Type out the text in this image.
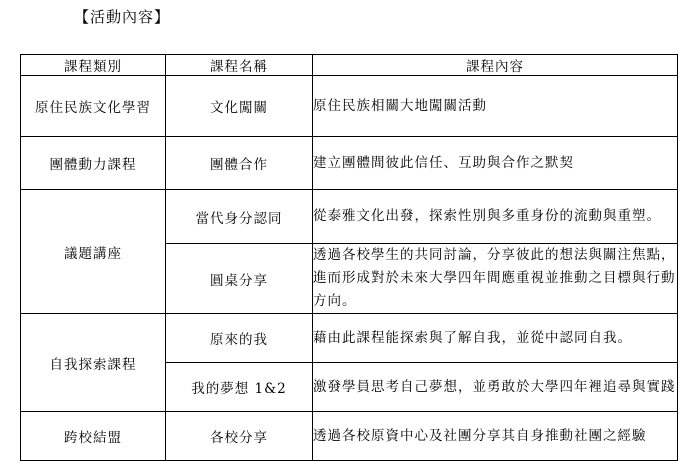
【活動內容】
課程類別	課程名稱	課程內容
原住民族文化學習	文化闖關	原住民族相關大地闖關活動
團體動力課程	團體合作	建立團體間彼此信任、互助與合作之默契
議題講座	當代身分認同	從泰雅文化出發，探索性別與多重身份的流動與重塑。
	圓桌分享	透過各校學生的共同討論，分享彼此的想法與關注焦點，進而形成對於未來大學四年間應重視並推動之目標與行動方向。
自我探索課程	原來的我	藉由此課程能探索與了解自我，並從中認同自我。
	我的夢想 1&2	激發學員思考自己夢想，並勇敢於大學四年裡追尋與實踐
跨校結盟	各校分享	透過各校原資中心及社團分享其自身推動社團之經驗
